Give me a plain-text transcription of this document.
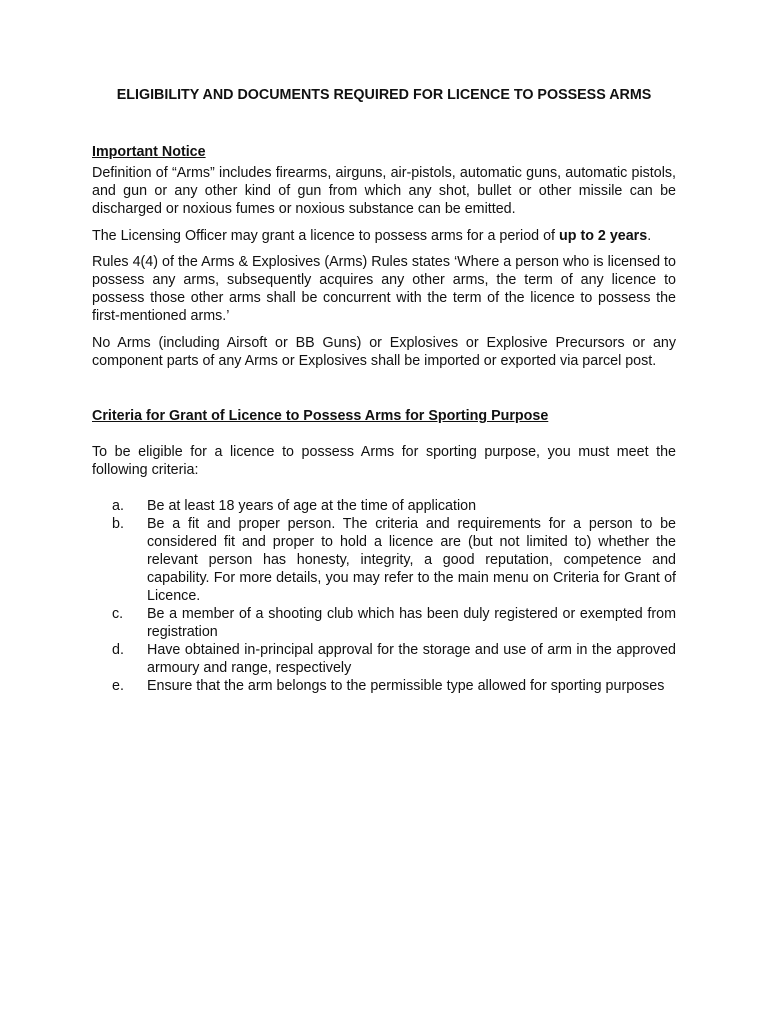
ELIGIBILITY AND DOCUMENTS REQUIRED FOR LICENCE TO POSSESS ARMS
Important Notice

Definition of “Arms” includes firearms, airguns, air-pistols, automatic guns, automatic pistols, and gun or any other kind of gun from which any shot, bullet or other missile can be discharged or noxious fumes or noxious substance can be emitted.

The Licensing Officer may grant a licence to possess arms for a period of up to 2 years.

Rules 4(4) of the Arms & Explosives (Arms) Rules states ‘Where a person who is licensed to possess any arms, subsequently acquires any other arms, the term of any licence to possess those other arms shall be concurrent with the term of the licence to possess the first-mentioned arms.’

No Arms (including Airsoft or BB Guns) or Explosives or Explosive Precursors or any component parts of any Arms or Explosives shall be imported or exported via parcel post.

Criteria for Grant of Licence to Possess Arms for Sporting Purpose

To be eligible for a licence to possess Arms for sporting purpose, you must meet the following criteria:

a.	Be at least 18 years of age at the time of application
b.	Be a fit and proper person. The criteria and requirements for a person to be considered fit and proper to hold a licence are (but not limited to) whether the relevant person has honesty, integrity, a good reputation, competence and capability. For more details, you may refer to the main menu on Criteria for Grant of Licence.
c.	Be a member of a shooting club which has been duly registered or exempted from registration
d.	Have obtained in-principal approval for the storage and use of arm in the approved armoury and range, respectively
e.	Ensure that the arm belongs to the permissible type allowed for sporting purposes
